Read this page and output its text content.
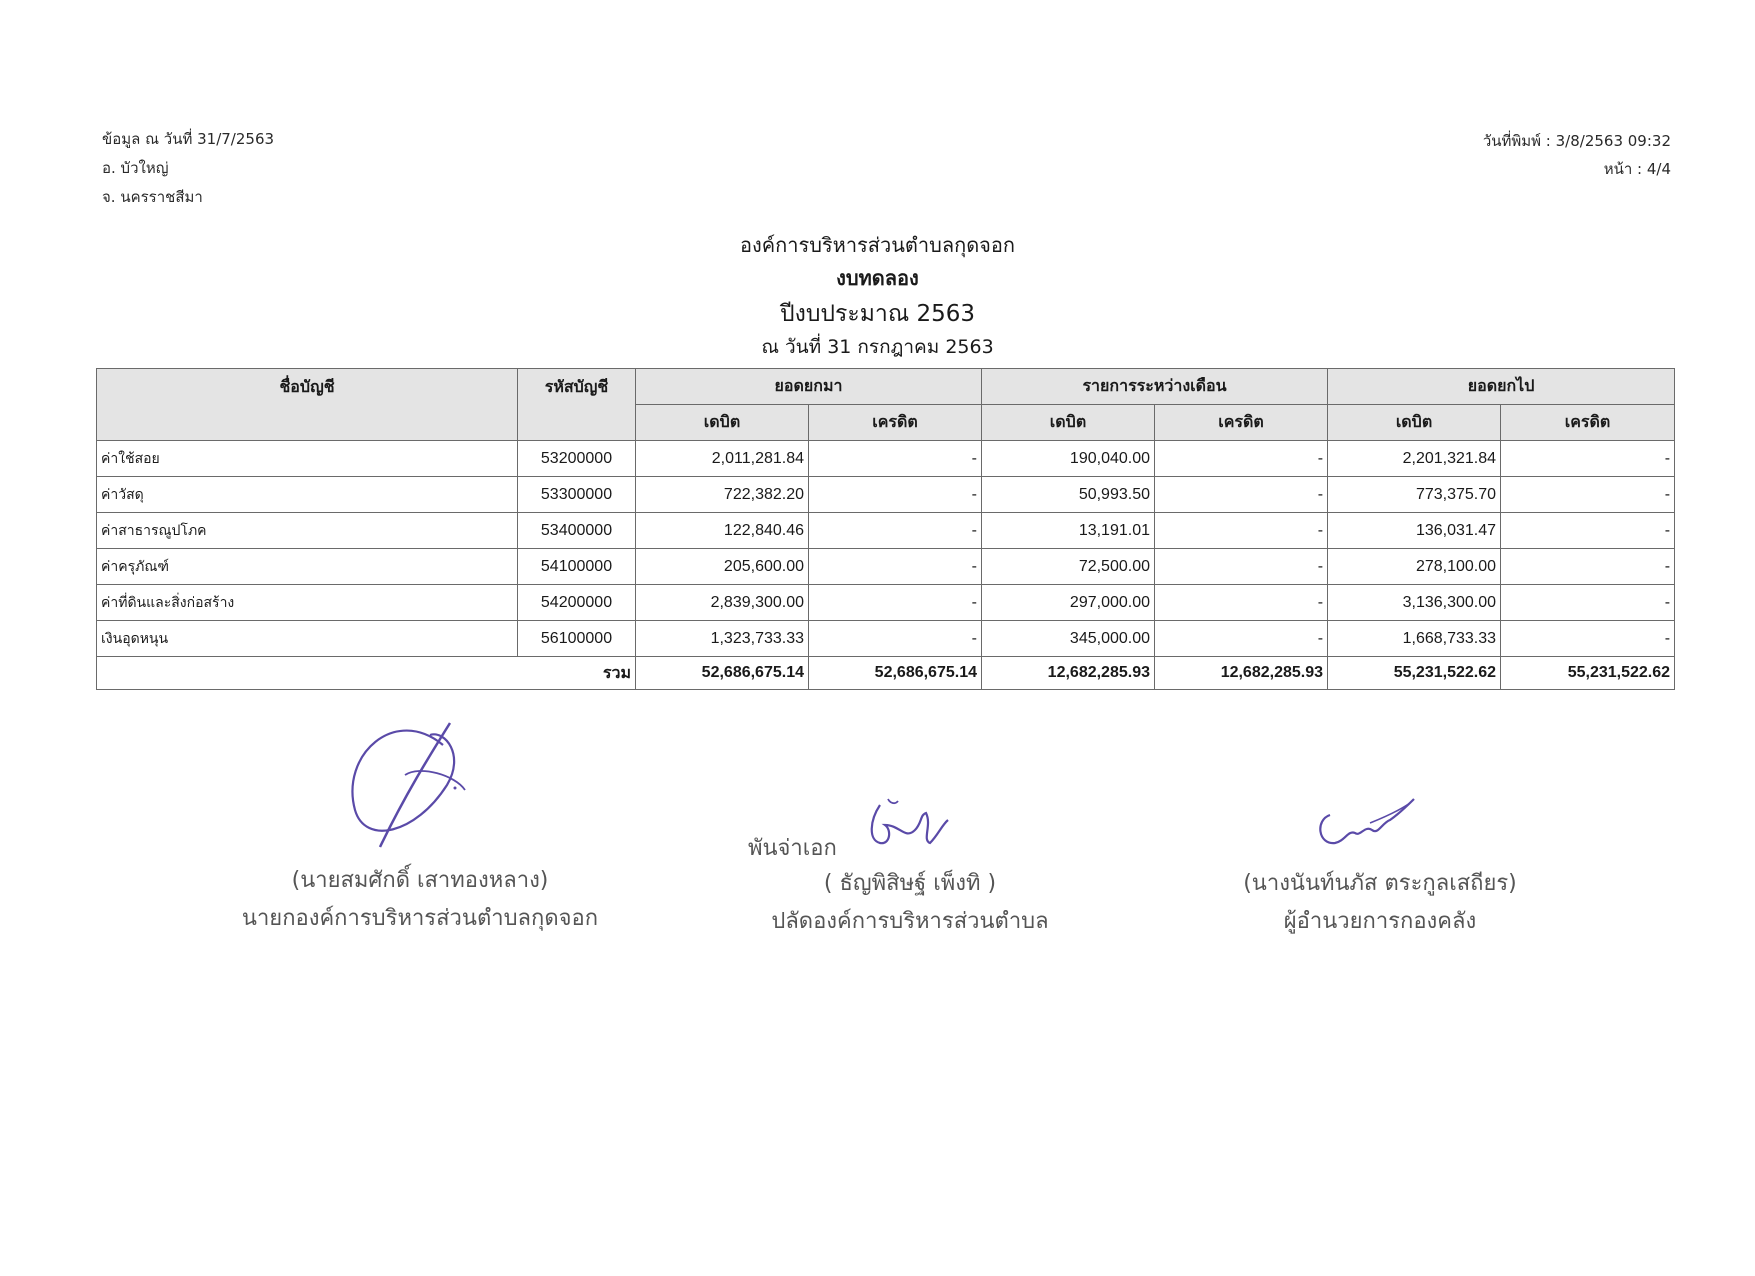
ข้อมูล ณ วันที่ 31/7/2563
อ. บัวใหญ่
จ. นครราชสีมา
วันที่พิมพ์ : 3/8/2563 09:32
หน้า : 4/4
องค์การบริหารส่วนตำบลกุดจอก
งบทดลอง
ปีงบประมาณ 2563
ณ วันที่ 31 กรกฎาคม 2563
ชื่อบัญชี	รหัสบัญชี	ยอดยกมา		รายการระหว่างเดือน		ยอดยกไป	
		เดบิต	เครดิต	เดบิต	เครดิต	เดบิต	เครดิต
ค่าใช้สอย	53200000	2,011,281.84	-	190,040.00	-	2,201,321.84	-
ค่าวัสดุ	53300000	722,382.20	-	50,993.50	-	773,375.70	-
ค่าสาธารณูปโภค	53400000	122,840.46	-	13,191.01	-	136,031.47	-
ค่าครุภัณฑ์	54100000	205,600.00	-	72,500.00	-	278,100.00	-
ค่าที่ดินและสิ่งก่อสร้าง	54200000	2,839,300.00	-	297,000.00	-	3,136,300.00	-
เงินอุดหนุน	56100000	1,323,733.33	-	345,000.00	-	1,668,733.33	-
รวม		52,686,675.14	52,686,675.14	12,682,285.93	12,682,285.93	55,231,522.62	55,231,522.62
(นายสมศักดิ์ เสาทองหลาง)
นายกองค์การบริหารส่วนตำบลกุดจอก
พันจ่าเอก
( ธัญพิสิษฐ์ เพ็งทิ )
ปลัดองค์การบริหารส่วนตำบล
(นางนันท์นภัส ตระกูลเสถียร)
ผู้อำนวยการกองคลัง
